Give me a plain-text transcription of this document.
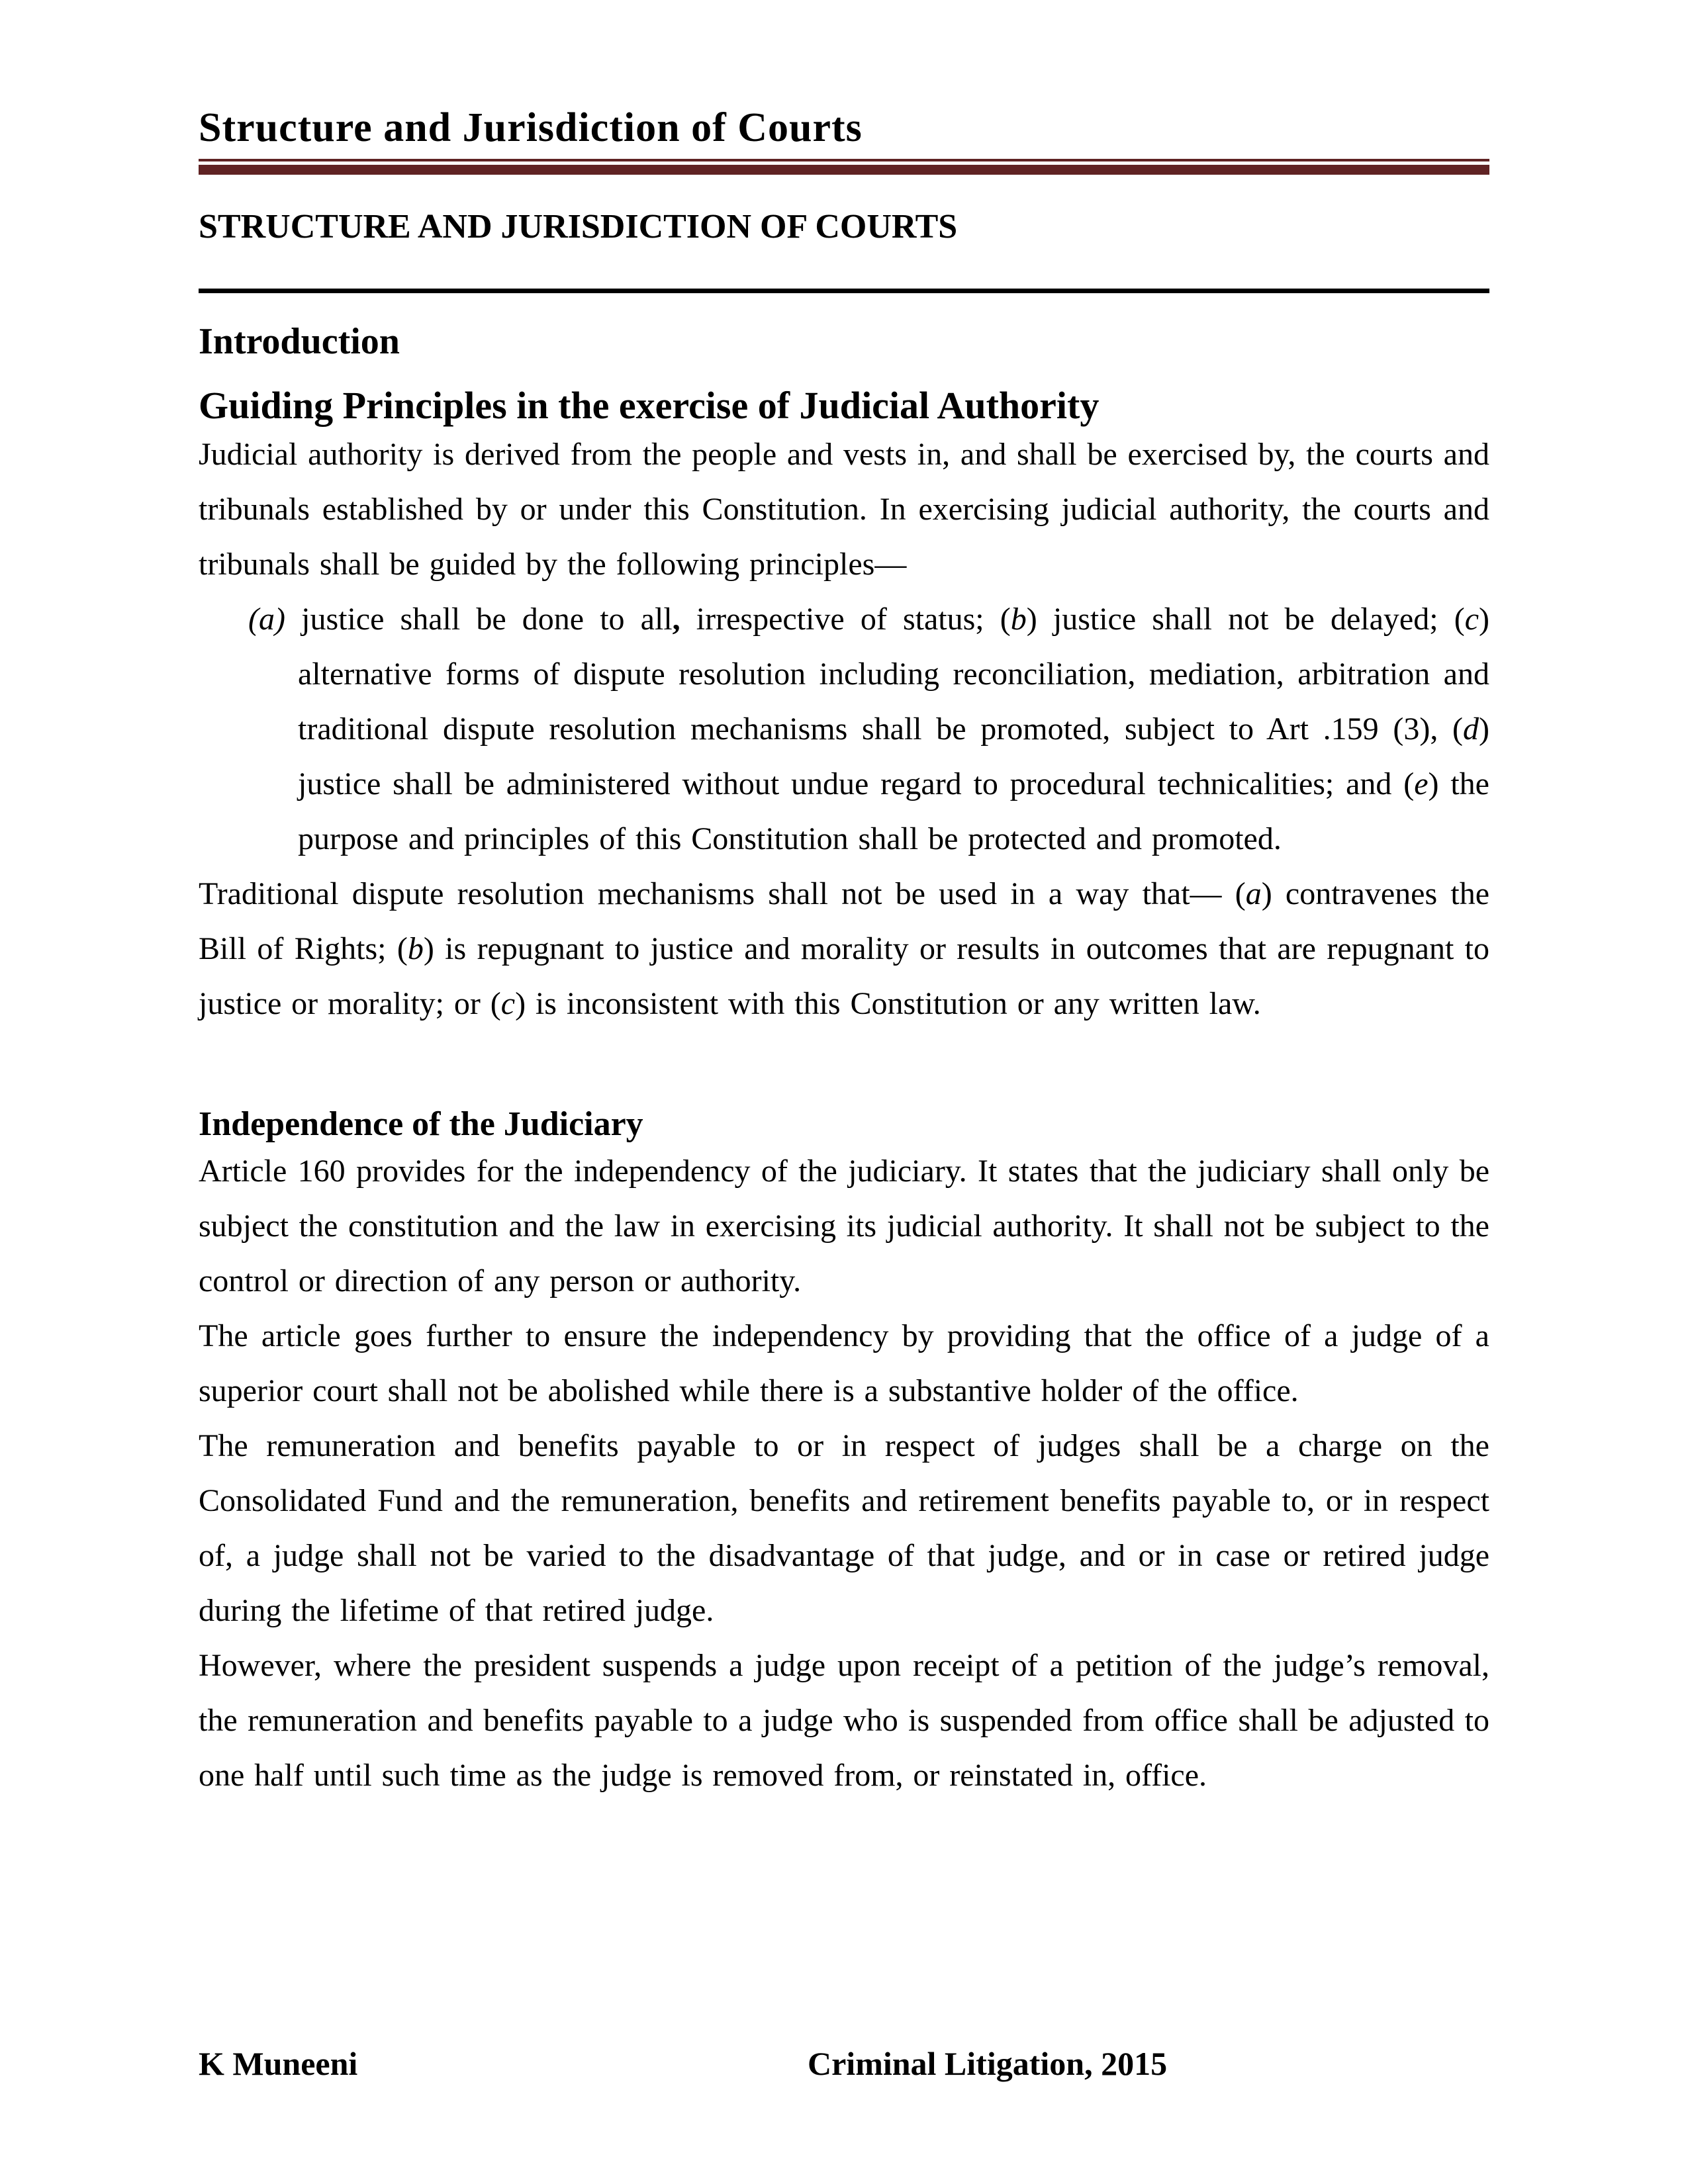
Structure and Jurisdiction of Courts
STRUCTURE AND JURISDICTION OF COURTS
Introduction
Guiding Principles in the exercise of Judicial Authority

Judicial authority is derived from the people and vests in, and shall be exercised by, the courts and tribunals established by or under this Constitution. In exercising judicial authority, the courts and tribunals shall be guided by the following principles—

(a) justice shall be done to all, irrespective of status; (b) justice shall not be delayed; (c) alternative forms of dispute resolution including reconciliation, mediation, arbitration and traditional dispute resolution mechanisms shall be promoted, subject to Art .159 (3), (d) justice shall be administered without undue regard to procedural technicalities; and (e) the purpose and principles of this Constitution shall be protected and promoted.

Traditional dispute resolution mechanisms shall not be used in a way that— (a) contravenes the Bill of Rights; (b) is repugnant to justice and morality or results in outcomes that are repugnant to justice or morality; or (c) is inconsistent with this Constitution or any written law.

Independence of the Judiciary

Article 160 provides for the independency of the judiciary. It states that the judiciary shall only be subject the constitution and the law in exercising its judicial authority. It shall not be subject to the control or direction of any person or authority.

The article goes further to ensure the independency by providing that the office of a judge of a superior court shall not be abolished while there is a substantive holder of the office.

The remuneration and benefits payable to or in respect of judges shall be a charge on the Consolidated Fund and the remuneration, benefits and retirement benefits payable to, or in respect of, a judge shall not be varied to the disadvantage of that judge, and or in case or retired judge during the lifetime of that retired judge.

However, where the president suspends a judge upon receipt of a petition of the judge’s removal, the remuneration and benefits payable to a judge who is suspended from office shall be adjusted to one half until such time as the judge is removed from, or reinstated in, office.

K Muneeni	Criminal Litigation, 2015
